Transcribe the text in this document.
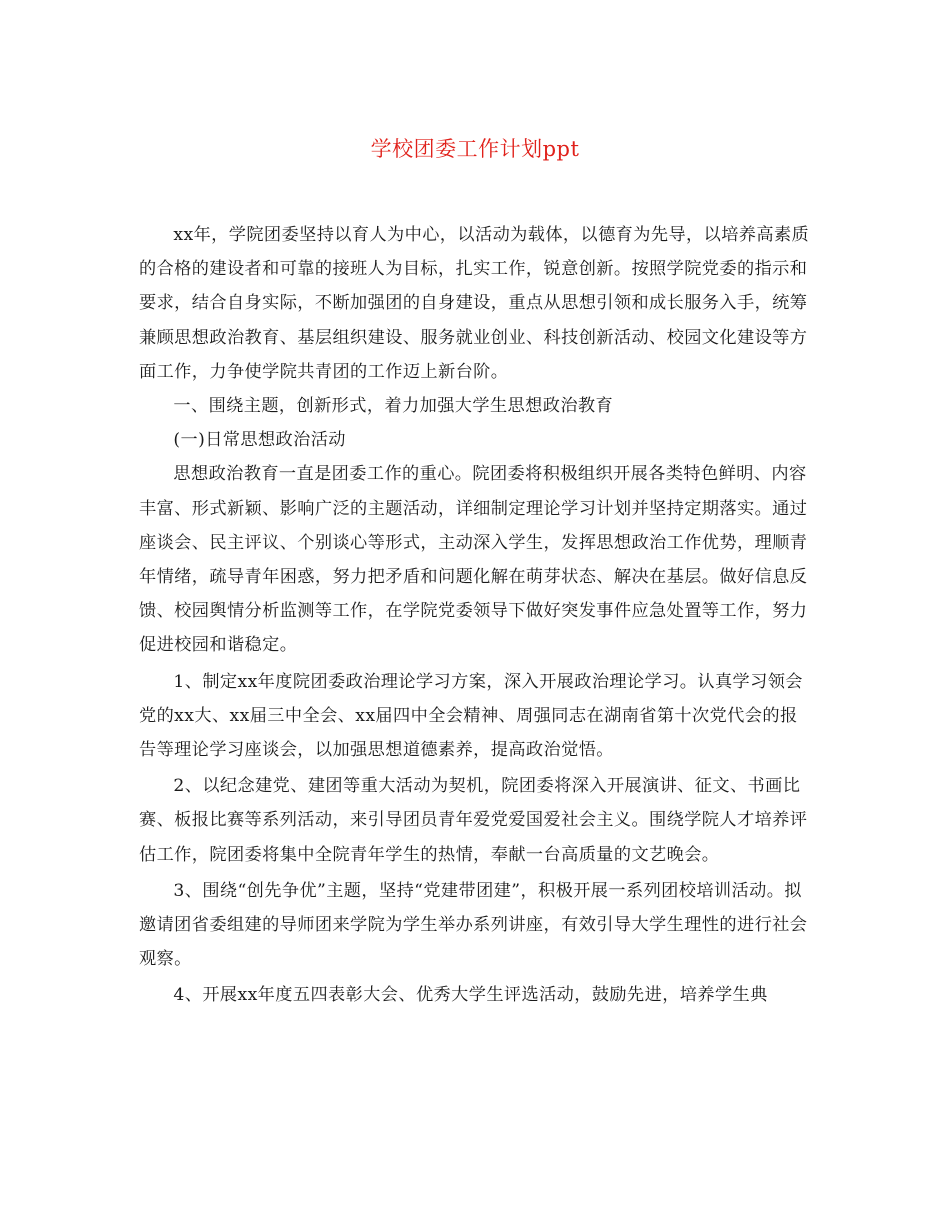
学校团委工作计划ppt

xx年，学院团委坚持以育人为中心，以活动为载体，以德育为先导，以培养高素质的合格的建设者和可靠的接班人为目标，扎实工作，锐意创新。按照学院党委的指示和要求，结合自身实际，不断加强团的自身建设，重点从思想引领和成长服务入手，统筹兼顾思想政治教育、基层组织建设、服务就业创业、科技创新活动、校园文化建设等方面工作，力争使学院共青团的工作迈上新台阶。

一、围绕主题，创新形式，着力加强大学生思想政治教育

(一)日常思想政治活动

思想政治教育一直是团委工作的重心。院团委将积极组织开展各类特色鲜明、内容丰富、形式新颖、影响广泛的主题活动，详细制定理论学习计划并坚持定期落实。通过座谈会、民主评议、个别谈心等形式，主动深入学生，发挥思想政治工作优势，理顺青年情绪，疏导青年困惑，努力把矛盾和问题化解在萌芽状态、解决在基层。做好信息反馈、校园舆情分析监测等工作，在学院党委领导下做好突发事件应急处置等工作，努力促进校园和谐稳定。

1、制定xx年度院团委政治理论学习方案，深入开展政治理论学习。认真学习领会党的xx大、xx届三中全会、xx届四中全会精神、周强同志在湖南省第十次党代会的报告等理论学习座谈会，以加强思想道德素养，提高政治觉悟。

2、以纪念建党、建团等重大活动为契机，院团委将深入开展演讲、征文、书画比赛、板报比赛等系列活动，来引导团员青年爱党爱国爱社会主义。围绕学院人才培养评估工作，院团委将集中全院青年学生的热情，奉献一台高质量的文艺晚会。

3、围绕“创先争优”主题，坚持“党建带团建”，积极开展一系列团校培训活动。拟邀请团省委组建的导师团来学院为学生举办系列讲座，有效引导大学生理性的进行社会观察。

4、开展xx年度五四表彰大会、优秀大学生评选活动，鼓励先进，培养学生典
